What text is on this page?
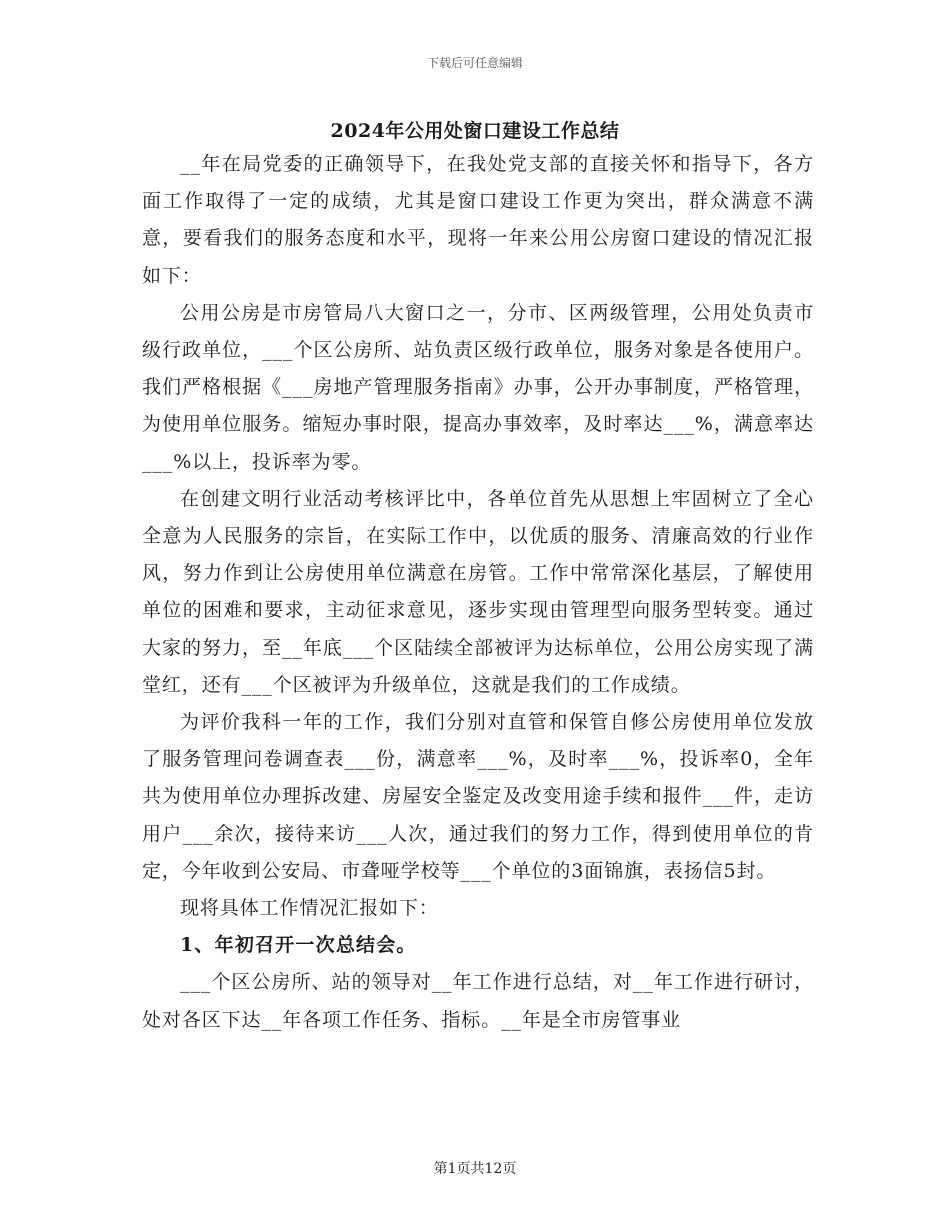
下载后可任意编辑
2024年公用处窗口建设工作总结

__年在局党委的正确领导下，在我处党支部的直接关怀和指导下，各方面工作取得了一定的成绩，尤其是窗口建设工作更为突出，群众满意不满意，要看我们的服务态度和水平，现将一年来公用公房窗口建设的情况汇报如下：

公用公房是市房管局八大窗口之一，分市、区两级管理，公用处负责市级行政单位，___个区公房所、站负责区级行政单位，服务对象是各使用户。我们严格根据《___房地产管理服务指南》办事，公开办事制度，严格管理，为使用单位服务。缩短办事时限，提高办事效率，及时率达___%，满意率达___%以上，投诉率为零。

在创建文明行业活动考核评比中，各单位首先从思想上牢固树立了全心全意为人民服务的宗旨，在实际工作中，以优质的服务、清廉高效的行业作风，努力作到让公房使用单位满意在房管。工作中常常深化基层，了解使用单位的困难和要求，主动征求意见，逐步实现由管理型向服务型转变。通过大家的努力，至__年底___个区陆续全部被评为达标单位，公用公房实现了满堂红，还有___个区被评为升级单位，这就是我们的工作成绩。

为评价我科一年的工作，我们分别对直管和保管自修公房使用单位发放了服务管理问卷调查表___份，满意率___%，及时率___%，投诉率0，全年共为使用单位办理拆改建、房屋安全鉴定及改变用途手续和报件___件，走访用户___余次，接待来访___人次，通过我们的努力工作，得到使用单位的肯定，今年收到公安局、市聋哑学校等___个单位的3面锦旗，表扬信5封。

现将具体工作情况汇报如下：

1、年初召开一次总结会。

___个区公房所、站的领导对__年工作进行总结，对__年工作进行研讨，处对各区下达__年各项工作任务、指标。__年是全市房管事业

第1页共12页
